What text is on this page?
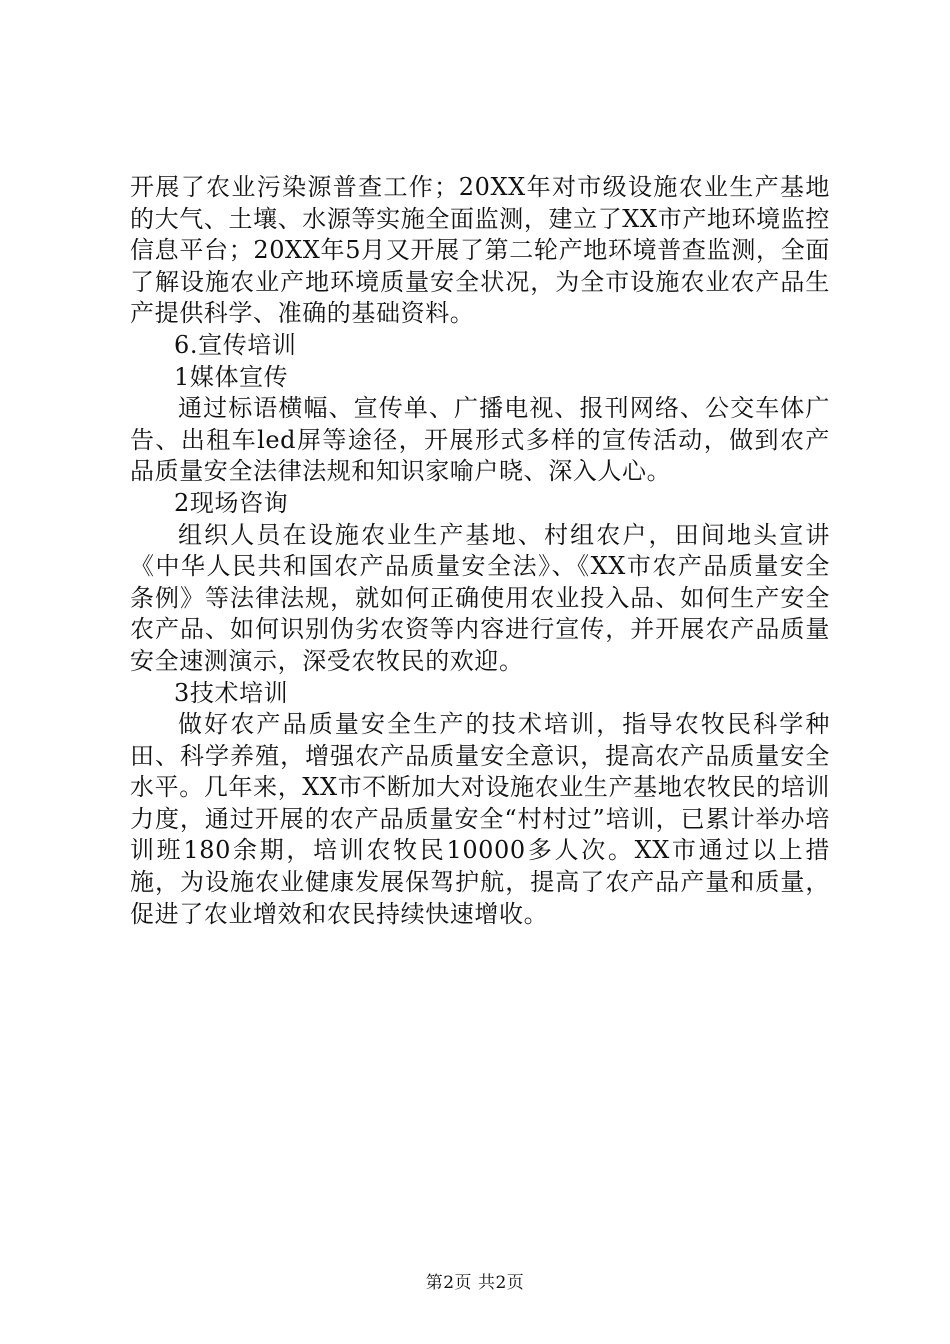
开展了农业污染源普查工作；20XX年对市级设施农业生产基地的大气、土壤、水源等实施全面监测，建立了XX市产地环境监控信息平台；20XX年5月又开展了第二轮产地环境普查监测，全面了解设施农业产地环境质量安全状况，为全市设施农业农产品生产提供科学、准确的基础资料。

6.宣传培训

1媒体宣传

通过标语横幅、宣传单、广播电视、报刊网络、公交车体广告、出租车led屏等途径，开展形式多样的宣传活动，做到农产品质量安全法律法规和知识家喻户晓、深入人心。

2现场咨询

组织人员在设施农业生产基地、村组农户，田间地头宣讲《中华人民共和国农产品质量安全法》、《XX市农产品质量安全条例》等法律法规，就如何正确使用农业投入品、如何生产安全农产品、如何识别伪劣农资等内容进行宣传，并开展农产品质量安全速测演示，深受农牧民的欢迎。

3技术培训

做好农产品质量安全生产的技术培训，指导农牧民科学种田、科学养殖，增强农产品质量安全意识，提高农产品质量安全水平。几年来，XX市不断加大对设施农业生产基地农牧民的培训力度，通过开展的农产品质量安全“村村过”培训，已累计举办培训班180余期，培训农牧民10000多人次。XX市通过以上措施，为设施农业健康发展保驾护航，提高了农产品产量和质量，促进了农业增效和农民持续快速增收。

第2页 共2页
